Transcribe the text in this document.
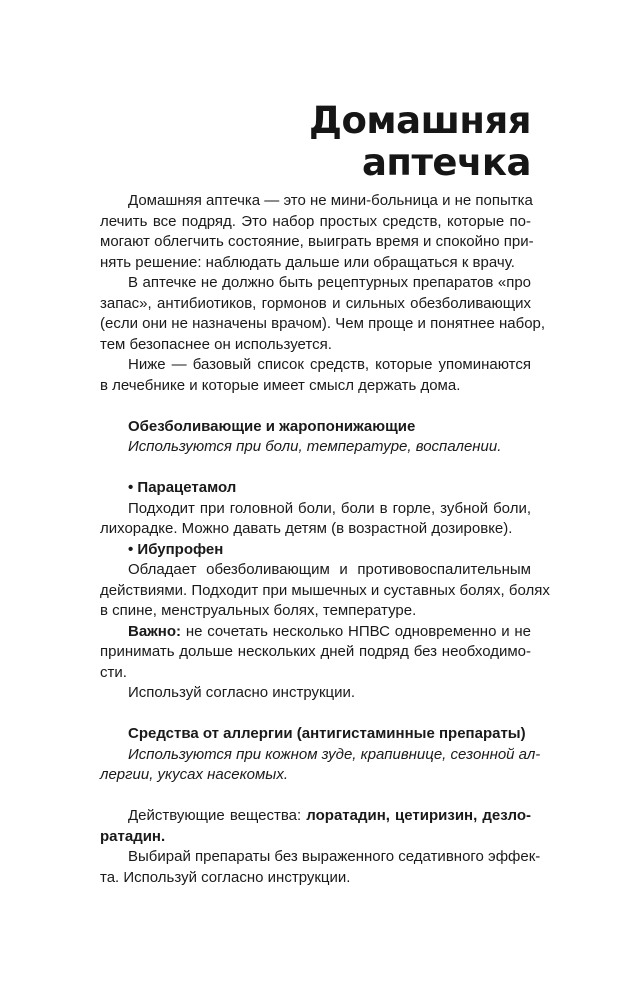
Домашняя
аптечка
Домашняя аптечка — это не мини-больница и не попытка
лечить все подряд. Это набор простых средств, которые по-
могают облегчить состояние, выиграть время и спокойно при-
нять решение: наблюдать дальше или обращаться к врачу.
В аптечке не должно быть рецептурных препаратов «про
запас», антибиотиков, гормонов и сильных обезболивающих
(если они не назначены врачом). Чем проще и понятнее набор,
тем безопаснее он используется.
Ниже — базовый список средств, которые упоминаются
в лечебнике и которые имеет смысл держать дома.
Обезболивающие и жаропонижающие
Используются при боли, температуре, воспалении.
• Парацетамол
Подходит при головной боли, боли в горле, зубной боли,
лихорадке. Можно давать детям (в возрастной дозировке).
• Ибупрофен
Обладает обезболивающим и противовоспалительным
действиями. Подходит при мышечных и суставных болях, болях
в спине, менструальных болях, температуре.
Важно: не сочетать несколько НПВС одновременно и не
принимать дольше нескольких дней подряд без необходимо-
сти.
Используй согласно инструкции.
Средства от аллергии (антигистаминные препараты)
Используются при кожном зуде, крапивнице, сезонной ал-
лергии, укусах насекомых.
Действующие вещества: лоратадин, цетиризин, дезло-
ратадин.
Выбирай препараты без выраженного седативного эффек-
та. Используй согласно инструкции.
